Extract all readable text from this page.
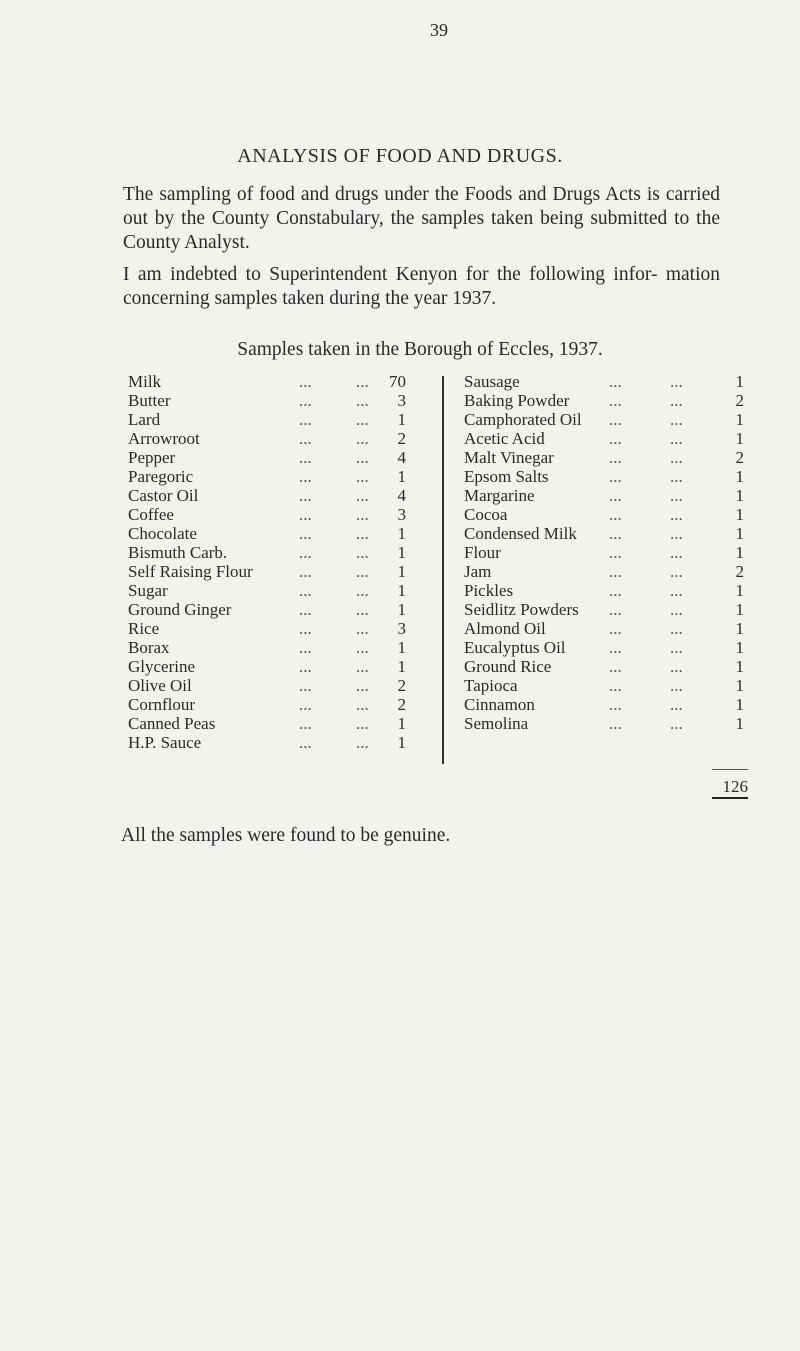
39
ANALYSIS OF FOOD AND DRUGS.
The sampling of food and drugs under the Foods and Drugs Acts is carried out by the County Constabulary, the samples taken being submitted to the County Analyst.
I am indebted to Superintendent Kenyon for the following infor- mation concerning samples taken during the year 1937.
Samples taken in the Borough of Eccles, 1937.
Milk	...	... 70
Butter	...	... 3
Lard	...	... 1
Arrowroot	...	... 2
Pepper	...	... 4
Paregoric	...	... 1
Castor Oil	...	... 4
Coffee	...	... 3
Chocolate	...	... 1
Bismuth Carb.	...	... 1
Self Raising Flour	...	... 1
Sugar	...	... 1
Ground Ginger	...	... 1
Rice	...	... 3
Borax	...	... 1
Glycerine	...	... 1
Olive Oil	...	... 2
Cornflour	...	... 2
Canned Peas	...	... 1
H.P. Sauce	...	... 1
Sausage	...	...	1
Baking Powder ...	...	2
Camphorated Oil ...	...	1
Acetic Acid	...	...	1
Malt Vinegar	...	...	2
Epsom Salts	...	...	1
Margarine	...	...	1
Cocoa	...	...	1
Condensed Milk ...	...	1
Flour	...	...	1
Jam	...	...	2
Pickles	...	...	1
Seidlitz Powders ...	...	1
Almond Oil	...	...	1
Eucalyptus Oil	...	...	1
Ground Rice	...	...	1
Tapioca	...	...	1
Cinnamon	...	...	1
Semolina	...	...	1
126
All the samples were found to be genuine.
